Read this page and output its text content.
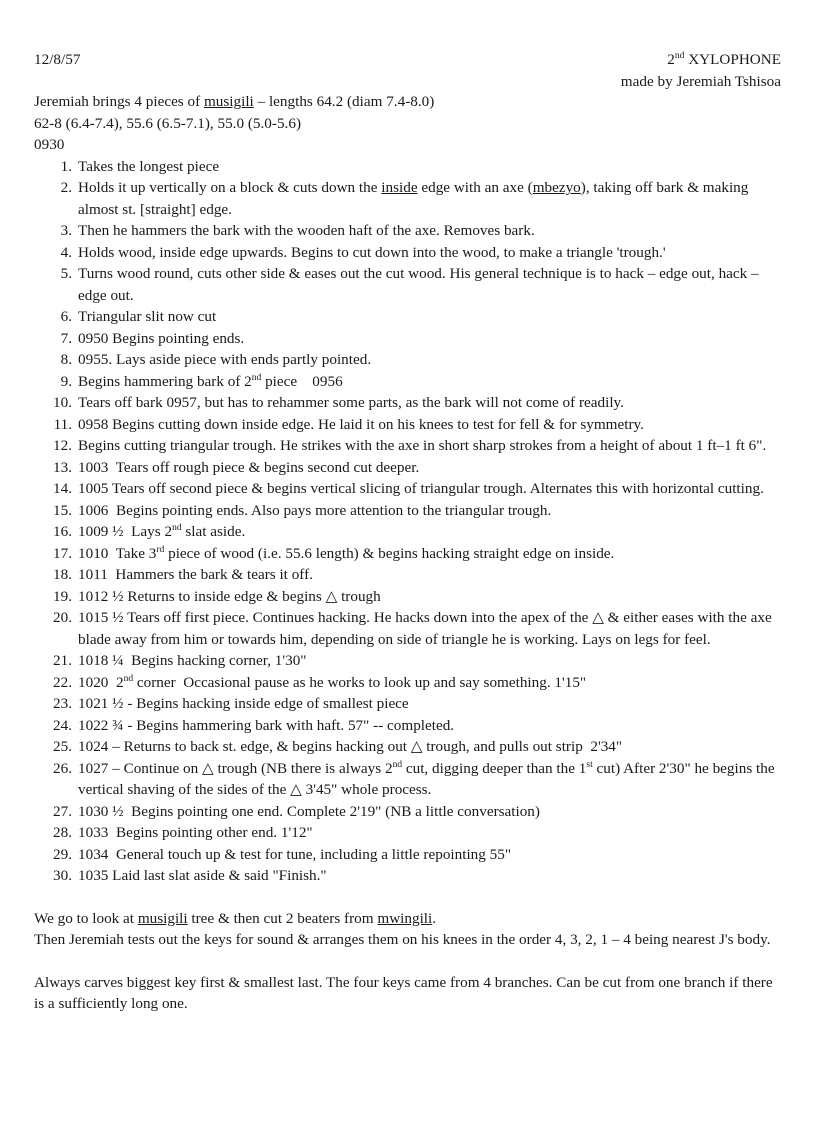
12/8/57	2nd XYLOPHONE
made by Jeremiah Tshisoa
Jeremiah brings 4 pieces of musigili – lengths 64.2 (diam 7.4-8.0)
62-8 (6.4-7.4), 55.6 (6.5-7.1), 55.0 (5.0-5.6)
0930
1. Takes the longest piece
2. Holds it up vertically on a block & cuts down the inside edge with an axe (mbezyo), taking off bark & making almost st. [straight] edge.
3. Then he hammers the bark with the wooden haft of the axe. Removes bark.
4. Holds wood, inside edge upwards. Begins to cut down into the wood, to make a triangle 'trough.'
5. Turns wood round, cuts other side & eases out the cut wood. His general technique is to hack – edge out, hack – edge out.
6. Triangular slit now cut
7. 0950 Begins pointing ends.
8. 0955. Lays aside piece with ends partly pointed.
9. Begins hammering bark of 2nd piece    0956
10. Tears off bark 0957, but has to rehammer some parts, as the bark will not come of readily.
11. 0958 Begins cutting down inside edge. He laid it on his knees to test for fell & for symmetry.
12. Begins cutting triangular trough. He strikes with the axe in short sharp strokes from a height of about 1 ft–1 ft 6".
13. 1003  Tears off rough piece & begins second cut deeper.
14. 1005 Tears off second piece & begins vertical slicing of triangular trough. Alternates this with horizontal cutting.
15. 1006  Begins pointing ends. Also pays more attention to the triangular trough.
16. 1009 ½  Lays 2nd slat aside.
17. 1010  Take 3rd piece of wood (i.e. 55.6 length) & begins hacking straight edge on inside.
18. 1011  Hammers the bark & tears it off.
19. 1012 ½ Returns to inside edge & begins △ trough
20. 1015 ½ Tears off first piece. Continues hacking. He hacks down into the apex of the △ & either eases with the axe blade away from him or towards him, depending on side of triangle he is working. Lays on legs for feel.
21. 1018 ¼  Begins hacking corner, 1'30"
22. 1020  2nd corner  Occasional pause as he works to look up and say something. 1'15"
23. 1021 ½ - Begins hacking inside edge of smallest piece
24. 1022 ¾ - Begins hammering bark with haft. 57" -- completed.
25. 1024 – Returns to back st. edge, & begins hacking out △ trough, and pulls out strip  2'34"
26. 1027 – Continue on △ trough (NB there is always 2nd cut, digging deeper than the 1st cut) After 2'30" he begins the vertical shaving of the sides of the △ 3'45" whole process.
27. 1030 ½  Begins pointing one end. Complete 2'19" (NB a little conversation)
28. 1033  Begins pointing other end. 1'12"
29. 1034  General touch up & test for tune, including a little repointing 55"
30. 1035 Laid last slat aside & said "Finish."

We go to look at musigili tree & then cut 2 beaters from mwingili.

Then Jeremiah tests out the keys for sound & arranges them on his knees in the order 4, 3, 2, 1 – 4 being nearest J's body.

Always carves biggest key first & smallest last. The four keys came from 4 branches. Can be cut from one branch if there is a sufficiently long one.
